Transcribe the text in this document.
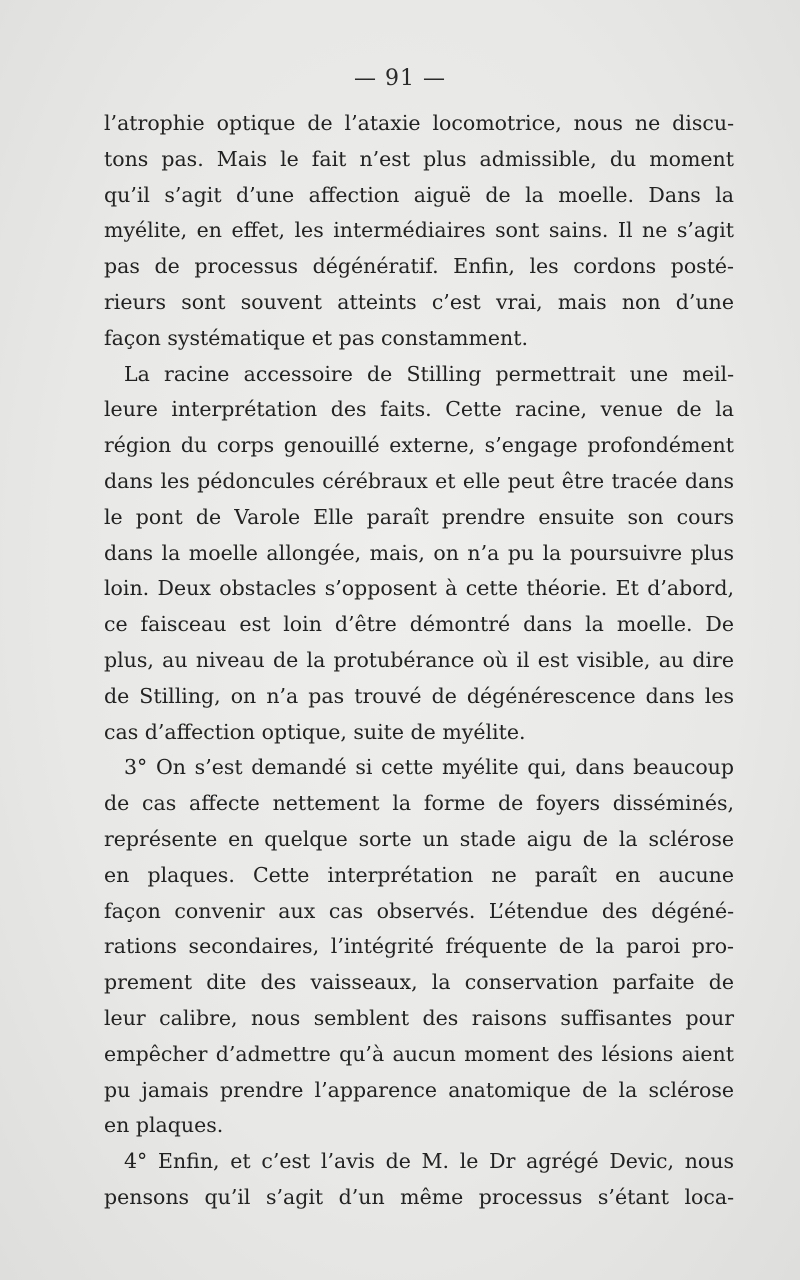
— 91 —
l’atrophie optique de l’ataxie locomotrice, nous ne discu-
tons pas. Mais le fait n’est plus admissible, du moment
qu’il s’agit d’une affection aiguë de la moelle. Dans la
myélite, en effet, les intermédiaires sont sains. Il ne s’agit
pas de processus dégénératif. Enfin, les cordons posté-
rieurs sont souvent atteints c’est vrai, mais non d’une
façon systématique et pas constamment.
La racine accessoire de Stilling permettrait une meil-
leure interprétation des faits. Cette racine, venue de la
région du corps genouillé externe, s’engage profondément
dans les pédoncules cérébraux et elle peut être tracée dans
le pont de Varole Elle paraît prendre ensuite son cours
dans la moelle allongée, mais, on n’a pu la poursuivre plus
loin. Deux obstacles s’opposent à cette théorie. Et d’abord,
ce faisceau est loin d’être démontré dans la moelle. De
plus, au niveau de la protubérance où il est visible, au dire
de Stilling, on n’a pas trouvé de dégénérescence dans les
cas d’affection optique, suite de myélite.
3° On s’est demandé si cette myélite qui, dans beaucoup
de cas affecte nettement la forme de foyers disséminés,
représente en quelque sorte un stade aigu de la sclérose
en plaques. Cette interprétation ne paraît en aucune
façon convenir aux cas observés. L’étendue des dégéné-
rations secondaires, l’intégrité fréquente de la paroi pro-
prement dite des vaisseaux, la conservation parfaite de
leur calibre, nous semblent des raisons suffisantes pour
empêcher d’admettre qu’à aucun moment des lésions aient
pu jamais prendre l’apparence anatomique de la sclérose
en plaques.
4° Enfin, et c’est l’avis de M. le Dr agrégé Devic, nous
pensons qu’il s’agit d’un même processus s’étant loca-
